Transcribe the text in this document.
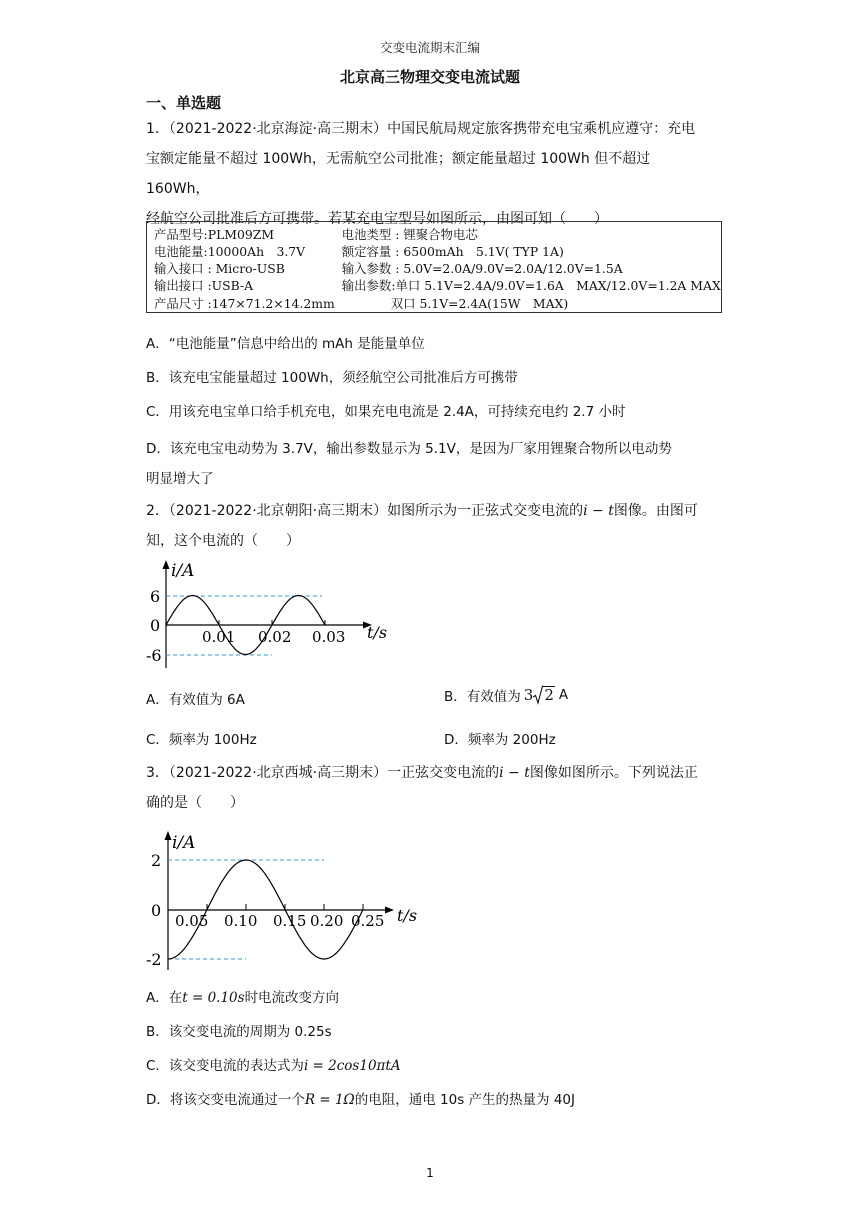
交变电流期末汇编
北京高三物理交变电流试题
一、单选题
1．（2021-2022·北京海淀·高三期末）中国民航局规定旅客携带充电宝乘机应遵守：充电
宝额定能量不超过 100Wh，无需航空公司批准；额定能量超过 100Wh 但不超过 160Wh，
经航空公司批准后方可携带。若某充电宝型号如图所示，由图可知（　　）

产品型号:PLM09ZM	电池类型 : 锂聚合物电芯
电池能量:10000Ah　3.7V	额定容量 : 6500mAh　5.1V( TYP 1A)
输入接口 : Micro-USB	输入参数 : 5.0V=2.0A/9.0V=2.0A/12.0V=1.5A
输出接口 :USB-A	输出参数:单口 5.1V=2.4A/9.0V=1.6A　MAX/12.0V=1.2A MAX
产品尺寸 :147×71.2×14.2mm	双口 5.1V=2.4A(15W　MAX)
A．“电池能量”信息中给出的 mAh 是能量单位
B．该充电宝能量超过 100Wh，须经航空公司批准后方可携带
C．用该充电宝单口给手机充电，如果充电电流是 2.4A，可持续充电约 2.7 小时
D．该充电宝电动势为 3.7V，输出参数显示为 5.1V，是因为厂家用锂聚合物所以电动势
明显增大了
2．（2021-2022·北京朝阳·高三期末）如图所示为一正弦式交变电流的i − t图像。由图可
知，这个电流的（　　）
i/A
6
0
-6
0.01 0.02 0.03 t/s
A．有效值为 6A	B．有效值为 3 2 A
C．频率为 100Hz	D．频率为 200Hz
3．（2021-2022·北京西城·高三期末）一正弦交变电流的i − t图像如图所示。下列说法正
确的是（　　）
i/A
2
0
-2
0.05 0.10 0.15 0.20 0.25 t/s
A．在t = 0.10s时电流改变方向
B．该交变电流的周期为 0.25s
C．该交变电流的表达式为i = 2cos10πtA
D．将该交变电流通过一个R = 1Ω的电阻，通电 10s 产生的热量为 40J
1
